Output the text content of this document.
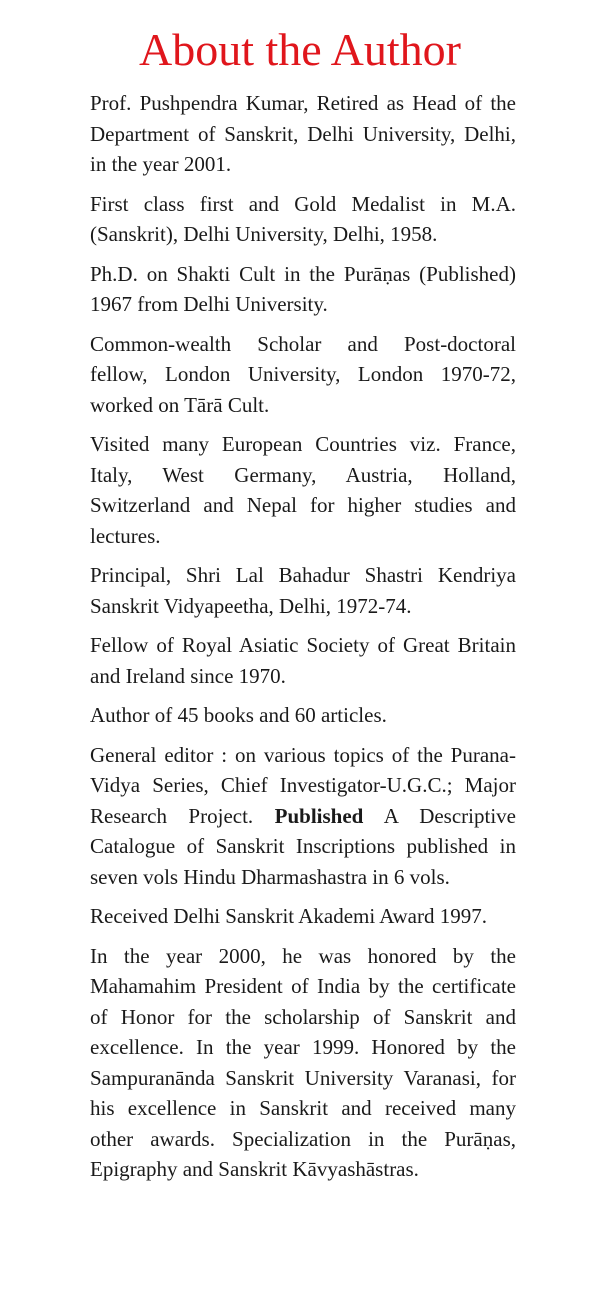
About the Author

Prof. Pushpendra Kumar, Retired as Head of the Department of Sanskrit, Delhi University, Delhi, in the year 2001.

First class first and Gold Medalist in M.A. (Sanskrit), Delhi University, Delhi, 1958.

Ph.D. on Shakti Cult in the Purāṇas (Published) 1967 from Delhi University.

Common-wealth Scholar and Post-doctoral fellow, London University, London 1970-72, worked on Tārā Cult.

Visited many European Countries viz. France, Italy, West Germany, Austria, Holland, Switzerland and Nepal for higher studies and lectures.

Principal, Shri Lal Bahadur Shastri Kendriya Sanskrit Vidyapeetha, Delhi, 1972-74.

Fellow of Royal Asiatic Society of Great Britain and Ireland since 1970.

Author of 45 books and 60 articles.

General editor : on various topics of the Purana-Vidya Series, Chief Investigator-U.G.C.; Major Research Project. Published A Descriptive Catalogue of Sanskrit Inscriptions published in seven vols Hindu Dharmashastra in 6 vols.

Received Delhi Sanskrit Akademi Award 1997.

In the year 2000, he was honored by the Mahamahim President of India by the certificate of Honor for the scholarship of Sanskrit and excellence. In the year 1999. Honored by the Sampuranānda Sanskrit University Varanasi, for his excellence in Sanskrit and received many other awards. Specialization in the Purāṇas, Epigraphy and Sanskrit Kāvyashāstras.
